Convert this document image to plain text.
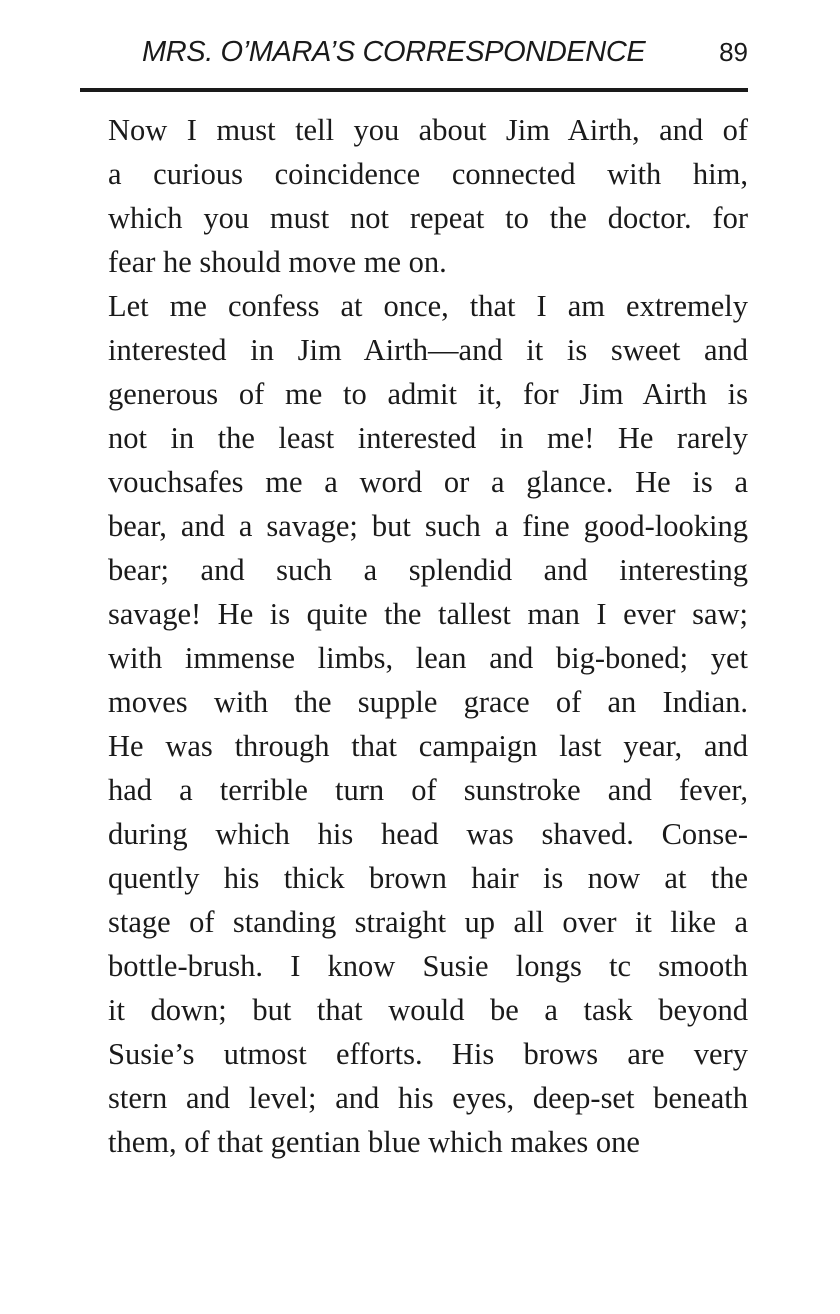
MRS. O’MARA’S CORRESPONDENCE	89

Now I must tell you about Jim Airth, and of
a curious coincidence connected with him,
which you must not repeat to the doctor. for
fear he should move me on.

Let me confess at once, that I am extremely
interested in Jim Airth—and it is sweet and
generous of me to admit it, for Jim Airth is
not in the least interested in me! He rarely
vouchsafes me a word or a glance. He is a
bear, and a savage; but such a fine good-looking
bear; and such a splendid and interesting
savage! He is quite the tallest man I ever saw;
with immense limbs, lean and big-boned; yet
moves with the supple grace of an Indian.
He was through that campaign last year, and
had a terrible turn of sunstroke and fever,
during which his head was shaved. Conse-
quently his thick brown hair is now at the
stage of standing straight up all over it like a
bottle-brush. I know Susie longs tc smooth
it down; but that would be a task beyond
Susie’s utmost efforts. His brows are very
stern and level; and his eyes, deep-set beneath
them, of that gentian blue which makes one
